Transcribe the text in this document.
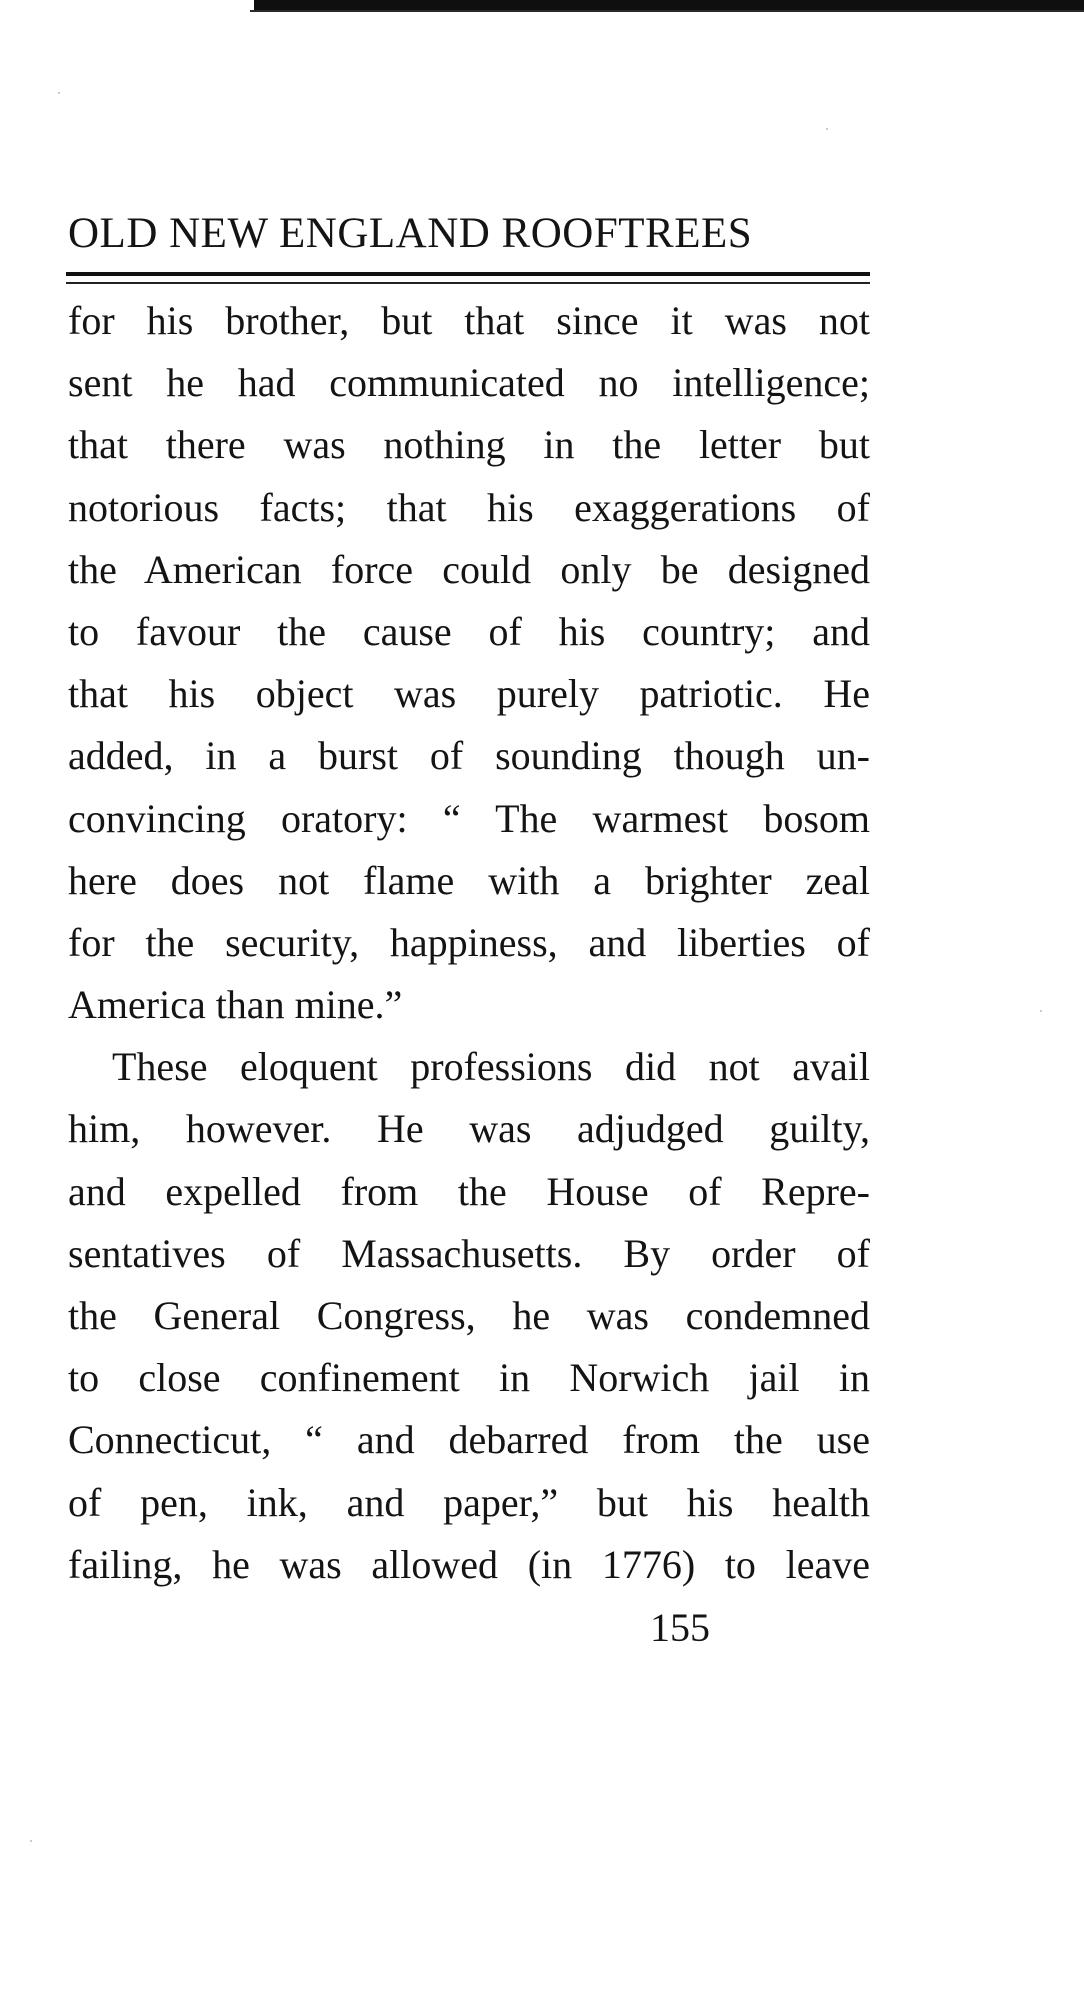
OLD NEW ENGLAND ROOFTREES
for his brother, but that since it was not
sent he had communicated no intelligence;
that there was nothing in the letter but
notorious facts; that his exaggerations of
the American force could only be designed
to favour the cause of his country; and
that his object was purely patriotic. He
added, in a burst of sounding though un-
convincing oratory: “ The warmest bosom
here does not flame with a brighter zeal
for the security, happiness, and liberties of
America than mine.”
These eloquent professions did not avail
him, however. He was adjudged guilty,
and expelled from the House of Repre-
sentatives of Massachusetts. By order of
the General Congress, he was condemned
to close confinement in Norwich jail in
Connecticut, “ and debarred from the use
of pen, ink, and paper,” but his health
failing, he was allowed (in 1776) to leave
155
